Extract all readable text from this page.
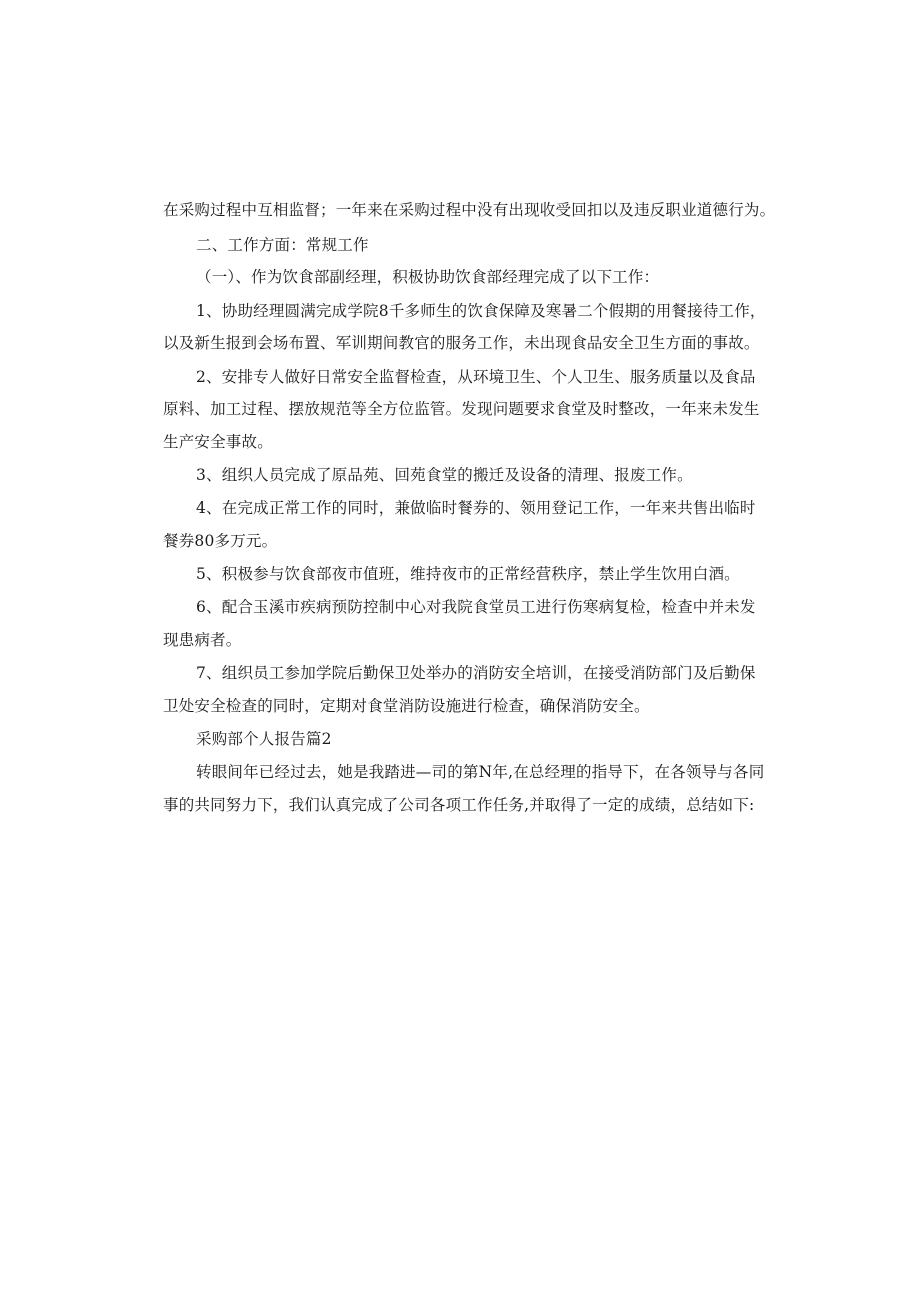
在采购过程中互相监督；一年来在采购过程中没有出现收受回扣以及违反职业道德行为。
二、工作方面：常规工作
（一）、作为饮食部副经理，积极协助饮食部经理完成了以下工作：
1、协助经理圆满完成学院8千多师生的饮食保障及寒暑二个假期的用餐接待工作，
以及新生报到会场布置、军训期间教官的服务工作，未出现食品安全卫生方面的事故。
2、安排专人做好日常安全监督检查，从环境卫生、个人卫生、服务质量以及食品
原料、加工过程、摆放规范等全方位监管。发现问题要求食堂及时整改，一年来未发生
生产安全事故。
3、组织人员完成了原品苑、回苑食堂的搬迁及设备的清理、报废工作。
4、在完成正常工作的同时，兼做临时餐券的、领用登记工作，一年来共售出临时
餐券80多万元。
5、积极参与饮食部夜市值班，维持夜市的正常经营秩序，禁止学生饮用白酒。
6、配合玉溪市疾病预防控制中心对我院食堂员工进行伤寒病复检，检查中并未发
现患病者。
7、组织员工参加学院后勤保卫处举办的消防安全培训，在接受消防部门及后勤保
卫处安全检查的同时，定期对食堂消防设施进行检查，确保消防安全。
采购部个人报告篇2
转眼间年已经过去，她是我踏进—司的第N年,在总经理的指导下，在各领导与各同
事的共同努力下，我们认真完成了公司各项工作任务,并取得了一定的成绩，总结如下:
